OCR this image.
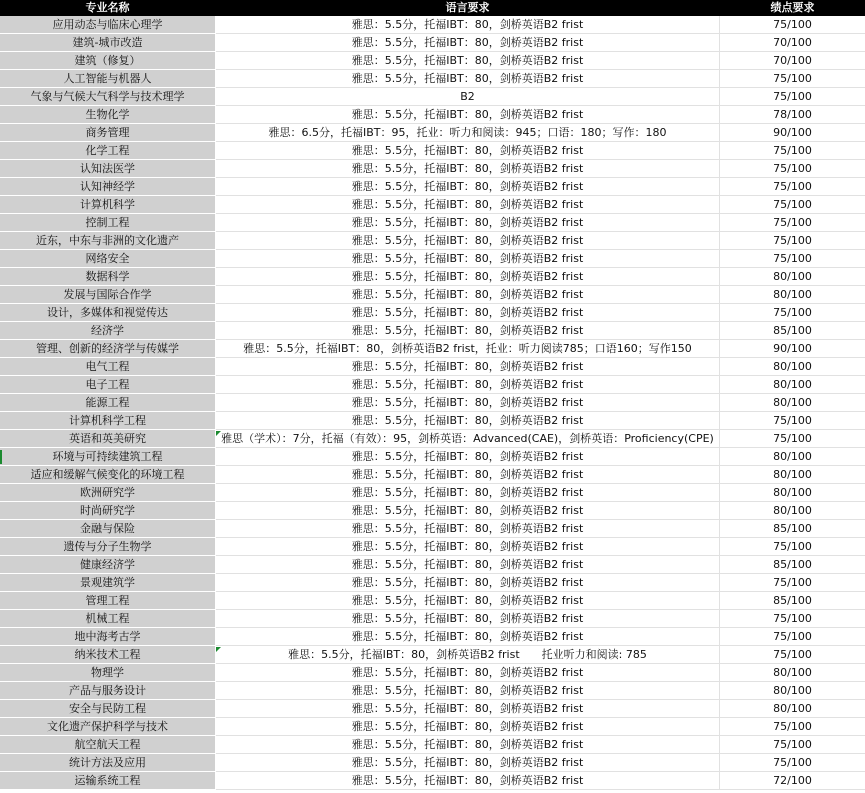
专业名称	语言要求	绩点要求
应用动态与临床心理学	雅思：5.5分，托福IBT：80，剑桥英语B2 frist	75/100
建筑-城市改造	雅思：5.5分，托福IBT：80，剑桥英语B2 frist	70/100
建筑（修复）	雅思：5.5分，托福IBT：80，剑桥英语B2 frist	70/100
人工智能与机器人	雅思：5.5分，托福IBT：80，剑桥英语B2 frist	75/100
气象与气候大气科学与技术理学	B2	75/100
生物化学	雅思：5.5分，托福IBT：80，剑桥英语B2 frist	78/100
商务管理	雅思：6.5分，托福IBT：95，托业：听力和阅读：945；口语：180；写作：180	90/100
化学工程	雅思：5.5分，托福IBT：80，剑桥英语B2 frist	75/100
认知法医学	雅思：5.5分，托福IBT：80，剑桥英语B2 frist	75/100
认知神经学	雅思：5.5分，托福IBT：80，剑桥英语B2 frist	75/100
计算机科学	雅思：5.5分，托福IBT：80，剑桥英语B2 frist	75/100
控制工程	雅思：5.5分，托福IBT：80，剑桥英语B2 frist	75/100
近东，中东与非洲的文化遗产	雅思：5.5分，托福IBT：80，剑桥英语B2 frist	75/100
网络安全	雅思：5.5分，托福IBT：80，剑桥英语B2 frist	75/100
数据科学	雅思：5.5分，托福IBT：80，剑桥英语B2 frist	80/100
发展与国际合作学	雅思：5.5分，托福IBT：80，剑桥英语B2 frist	80/100
设计，多媒体和视觉传达	雅思：5.5分，托福IBT：80，剑桥英语B2 frist	75/100
经济学	雅思：5.5分，托福IBT：80，剑桥英语B2 frist	85/100
管理、创新的经济学与传媒学	雅思：5.5分，托福IBT：80，剑桥英语B2 frist，托业：听力阅读785；口语160；写作150	90/100
电气工程	雅思：5.5分，托福IBT：80，剑桥英语B2 frist	80/100
电子工程	雅思：5.5分，托福IBT：80，剑桥英语B2 frist	80/100
能源工程	雅思：5.5分，托福IBT：80，剑桥英语B2 frist	80/100
计算机科学工程	雅思：5.5分，托福IBT：80，剑桥英语B2 frist	75/100
英语和英美研究	雅思（学术）：7分，托福（有效）：95，剑桥英语：Advanced(CAE)，剑桥英语：Proficiency(CPE)	75/100
环境与可持续建筑工程	雅思：5.5分，托福IBT：80，剑桥英语B2 frist	80/100
适应和缓解气候变化的环境工程	雅思：5.5分，托福IBT：80，剑桥英语B2 frist	80/100
欧洲研究学	雅思：5.5分，托福IBT：80，剑桥英语B2 frist	80/100
时尚研究学	雅思：5.5分，托福IBT：80，剑桥英语B2 frist	80/100
金融与保险	雅思：5.5分，托福IBT：80，剑桥英语B2 frist	85/100
遗传与分子生物学	雅思：5.5分，托福IBT：80，剑桥英语B2 frist	75/100
健康经济学	雅思：5.5分，托福IBT：80，剑桥英语B2 frist	85/100
景观建筑学	雅思：5.5分，托福IBT：80，剑桥英语B2 frist	75/100
管理工程	雅思：5.5分，托福IBT：80，剑桥英语B2 frist	85/100
机械工程	雅思：5.5分，托福IBT：80，剑桥英语B2 frist	75/100
地中海考古学	雅思：5.5分，托福IBT：80，剑桥英语B2 frist	75/100
纳米技术工程	雅思：5.5分，托福IBT：80，剑桥英语B2 frist　　托业听力和阅读: 785	75/100
物理学	雅思：5.5分，托福IBT：80，剑桥英语B2 frist	80/100
产品与服务设计	雅思：5.5分，托福IBT：80，剑桥英语B2 frist	80/100
安全与民防工程	雅思：5.5分，托福IBT：80，剑桥英语B2 frist	80/100
文化遗产保护科学与技术	雅思：5.5分，托福IBT：80，剑桥英语B2 frist	75/100
航空航天工程	雅思：5.5分，托福IBT：80，剑桥英语B2 frist	75/100
统计方法及应用	雅思：5.5分，托福IBT：80，剑桥英语B2 frist	75/100
运输系统工程	雅思：5.5分，托福IBT：80，剑桥英语B2 frist	72/100
